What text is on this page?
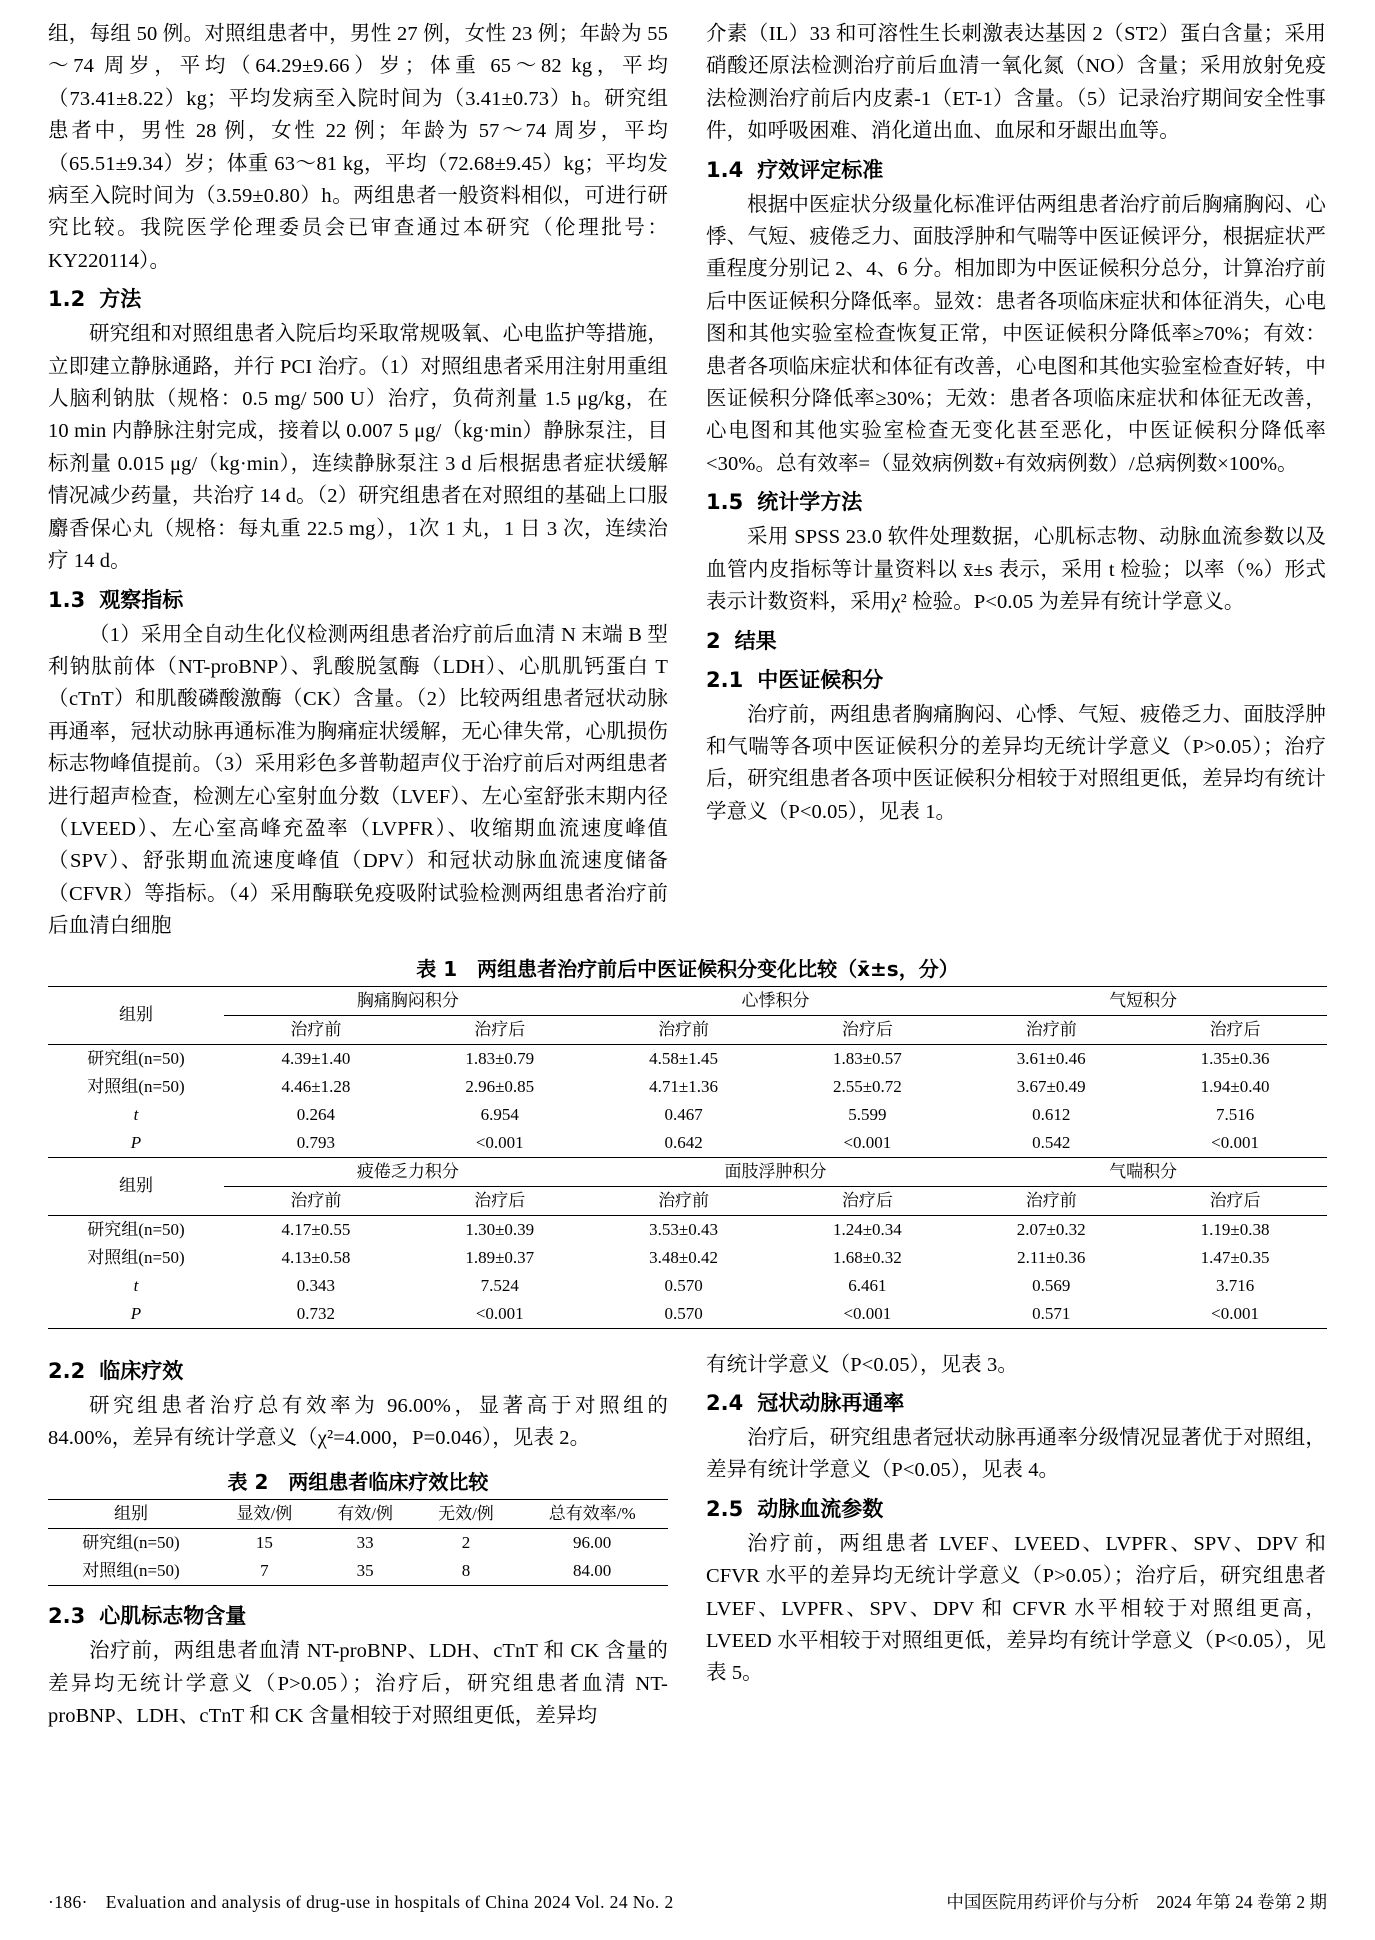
组，每组 50 例。对照组患者中，男性 27 例，女性 23 例；年龄为 55～74 周岁，平均（64.29±9.66）岁；体重 65～82 kg，平均（73.41±8.22）kg；平均发病至入院时间为（3.41±0.73）h。研究组患者中，男性 28 例，女性 22 例；年龄为 57～74 周岁，平均（65.51±9.34）岁；体重 63～81 kg，平均（72.68±9.45）kg；平均发病至入院时间为（3.59±0.80）h。两组患者一般资料相似，可进行研究比较。我院医学伦理委员会已审查通过本研究（伦理批号：KY220114）。

1.2 方法

研究组和对照组患者入院后均采取常规吸氧、心电监护等措施，立即建立静脉通路，并行 PCI 治疗。（1）对照组患者采用注射用重组人脑利钠肽（规格：0.5 mg/ 500 U）治疗，负荷剂量 1.5 μg/kg，在 10 min 内静脉注射完成，接着以 0.007 5 μg/（kg·min）静脉泵注，目标剂量 0.015 μg/（kg·min），连续静脉泵注 3 d 后根据患者症状缓解情况减少药量，共治疗 14 d。（2）研究组患者在对照组的基础上口服麝香保心丸（规格：每丸重 22.5 mg），1次 1 丸，1 日 3 次，连续治疗 14 d。

1.3 观察指标

（1）采用全自动生化仪检测两组患者治疗前后血清 N 末端 B 型利钠肽前体（NT-proBNP）、乳酸脱氢酶（LDH）、心肌肌钙蛋白 T（cTnT）和肌酸磷酸激酶（CK）含量。（2）比较两组患者冠状动脉再通率，冠状动脉再通标准为胸痛症状缓解，无心律失常，心肌损伤标志物峰值提前。（3）采用彩色多普勒超声仪于治疗前后对两组患者进行超声检查，检测左心室射血分数（LVEF）、左心室舒张末期内径（LVEED）、左心室高峰充盈率（LVPFR）、收缩期血流速度峰值（SPV）、舒张期血流速度峰值（DPV）和冠状动脉血流速度储备（CFVR）等指标。（4）采用酶联免疫吸附试验检测两组患者治疗前后血清白细胞

介素（IL）33 和可溶性生长刺激表达基因 2（ST2）蛋白含量；采用硝酸还原法检测治疗前后血清一氧化氮（NO）含量；采用放射免疫法检测治疗前后内皮素-1（ET-1）含量。（5）记录治疗期间安全性事件，如呼吸困难、消化道出血、血尿和牙龈出血等。

1.4 疗效评定标准

根据中医症状分级量化标准评估两组患者治疗前后胸痛胸闷、心悸、气短、疲倦乏力、面肢浮肿和气喘等中医证候评分，根据症状严重程度分别记 2、4、6 分。相加即为中医证候积分总分，计算治疗前后中医证候积分降低率。显效：患者各项临床症状和体征消失，心电图和其他实验室检查恢复正常，中医证候积分降低率≥70%；有效：患者各项临床症状和体征有改善，心电图和其他实验室检查好转，中医证候积分降低率≥30%；无效：患者各项临床症状和体征无改善，心电图和其他实验室检查无变化甚至恶化，中医证候积分降低率<30%。总有效率=（显效病例数+有效病例数）/总病例数×100%。

1.5 统计学方法

采用 SPSS 23.0 软件处理数据，心肌标志物、动脉血流参数以及血管内皮指标等计量资料以 x̄±s 表示，采用 t 检验；以率（%）形式表示计数资料，采用χ² 检验。P<0.05 为差异有统计学意义。

2 结果
2.1 中医证候积分

治疗前，两组患者胸痛胸闷、心悸、气短、疲倦乏力、面肢浮肿和气喘等各项中医证候积分的差异均无统计学意义（P>0.05）；治疗后，研究组患者各项中医证候积分相较于对照组更低，差异均有统计学意义（P<0.05），见表 1。

表 1　两组患者治疗前后中医证候积分变化比较（x̄±s，分）
组别	胸痛胸闷积分		心悸积分		气短积分	
	治疗前	治疗后	治疗前	治疗后	治疗前	治疗后
研究组(n=50)	4.39±1.40	1.83±0.79	4.58±1.45	1.83±0.57	3.61±0.46	1.35±0.36
对照组(n=50)	4.46±1.28	2.96±0.85	4.71±1.36	2.55±0.72	3.67±0.49	1.94±0.40
t	0.264	6.954	0.467	5.599	0.612	7.516
P	0.793	<0.001	0.642	<0.001	0.542	<0.001
组别	疲倦乏力积分		面肢浮肿积分		气喘积分	
	治疗前	治疗后	治疗前	治疗后	治疗前	治疗后
研究组(n=50)	4.17±0.55	1.30±0.39	3.53±0.43	1.24±0.34	2.07±0.32	1.19±0.38
对照组(n=50)	4.13±0.58	1.89±0.37	3.48±0.42	1.68±0.32	2.11±0.36	1.47±0.35
t	0.343	7.524	0.570	6.461	0.569	3.716
P	0.732	<0.001	0.570	<0.001	0.571	<0.001
2.2 临床疗效

研究组患者治疗总有效率为 96.00%，显著高于对照组的 84.00%，差异有统计学意义（χ²=4.000，P=0.046），见表 2。

表 2　两组患者临床疗效比较
组别	显效/例	有效/例	无效/例	总有效率/%
研究组(n=50)	15	33	2	96.00
对照组(n=50)	7	35	8	84.00
2.3 心肌标志物含量

治疗前，两组患者血清 NT-proBNP、LDH、cTnT 和 CK 含量的差异均无统计学意义（P>0.05）；治疗后，研究组患者血清 NT-proBNP、LDH、cTnT 和 CK 含量相较于对照组更低，差异均

有统计学意义（P<0.05），见表 3。

2.4 冠状动脉再通率

治疗后，研究组患者冠状动脉再通率分级情况显著优于对照组，差异有统计学意义（P<0.05），见表 4。

2.5 动脉血流参数

治疗前，两组患者 LVEF、LVEED、LVPFR、SPV、DPV 和 CFVR 水平的差异均无统计学意义（P>0.05）；治疗后，研究组患者 LVEF、LVPFR、SPV、DPV 和 CFVR 水平相较于对照组更高，LVEED 水平相较于对照组更低，差异均有统计学意义（P<0.05），见表 5。

·186·　Evaluation and analysis of drug-use in hospitals of China 2024 Vol. 24 No. 2	中国医院用药评价与分析　2024 年第 24 卷第 2 期
